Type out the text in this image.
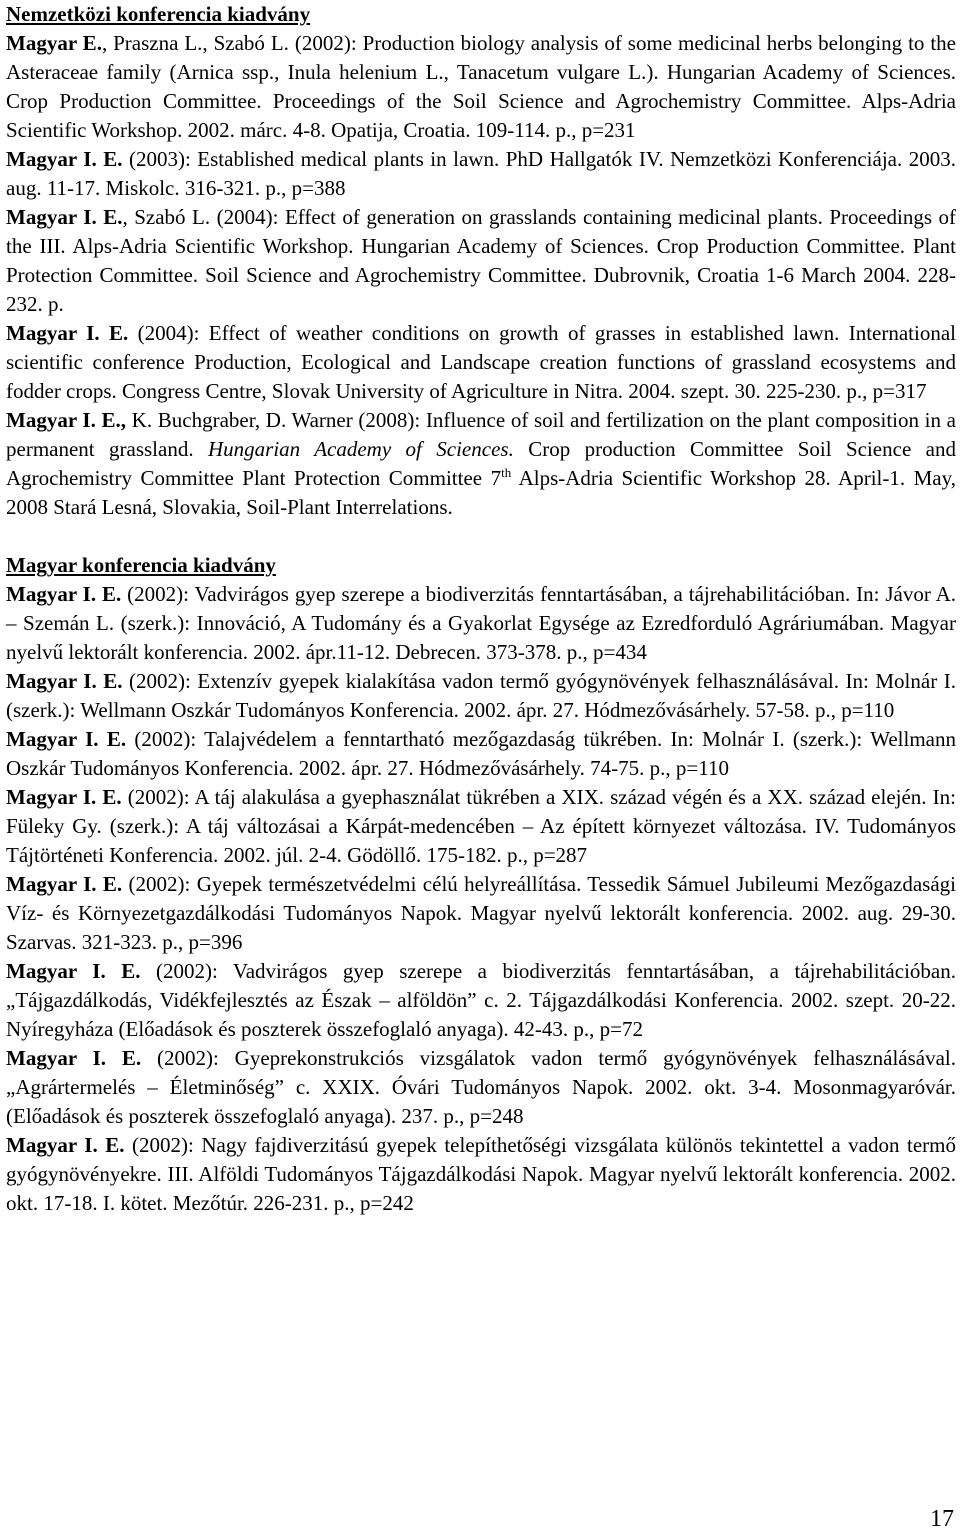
Nemzetközi konferencia kiadvány

Magyar E., Praszna L., Szabó L. (2002): Production biology analysis of some medicinal herbs belonging to the Asteraceae family (Arnica ssp., Inula helenium L., Tanacetum vulgare L.). Hungarian Academy of Sciences. Crop Production Committee. Proceedings of the Soil Science and Agrochemistry Committee. Alps-Adria Scientific Workshop. 2002. márc. 4-8. Opatija, Croatia. 109-114. p., p=231

Magyar I. E. (2003): Established medical plants in lawn. PhD Hallgatók IV. Nemzetközi Konferenciája. 2003. aug. 11-17. Miskolc. 316-321. p., p=388

Magyar I. E., Szabó L. (2004): Effect of generation on grasslands containing medicinal plants. Proceedings of the III. Alps-Adria Scientific Workshop. Hungarian Academy of Sciences. Crop Production Committee. Plant Protection Committee. Soil Science and Agrochemistry Committee. Dubrovnik, Croatia 1-6 March 2004. 228-232. p.

Magyar I. E. (2004): Effect of weather conditions on growth of grasses in established lawn. International scientific conference Production, Ecological and Landscape creation functions of grassland ecosystems and fodder crops. Congress Centre, Slovak University of Agriculture in Nitra. 2004. szept. 30. 225-230. p., p=317

Magyar I. E., K. Buchgraber, D. Warner (2008): Influence of soil and fertilization on the plant composition in a permanent grassland. Hungarian Academy of Sciences. Crop production Committee Soil Science and Agrochemistry Committee Plant Protection Committee 7th Alps-Adria Scientific Workshop 28. April-1. May, 2008 Stará Lesná, Slovakia, Soil-Plant Interrelations.

Magyar konferencia kiadvány

Magyar I. E. (2002): Vadvirágos gyep szerepe a biodiverzitás fenntartásában, a tájrehabilitációban. In: Jávor A. – Szemán L. (szerk.): Innováció, A Tudomány és a Gyakorlat Egysége az Ezredforduló Agráriumában. Magyar nyelvű lektorált konferencia. 2002. ápr.11-12. Debrecen. 373-378. p., p=434

Magyar I. E. (2002): Extenzív gyepek kialakítása vadon termő gyógynövények felhasználásával. In: Molnár I. (szerk.): Wellmann Oszkár Tudományos Konferencia. 2002. ápr. 27. Hódmezővásárhely. 57-58. p., p=110

Magyar I. E. (2002): Talajvédelem a fenntartható mezőgazdaság tükrében. In: Molnár I. (szerk.): Wellmann Oszkár Tudományos Konferencia. 2002. ápr. 27. Hódmezővásárhely. 74-75. p., p=110

Magyar I. E. (2002): A táj alakulása a gyephasználat tükrében a XIX. század végén és a XX. század elején. In: Füleky Gy. (szerk.): A táj változásai a Kárpát-medencében – Az épített környezet változása. IV. Tudományos Tájtörténeti Konferencia. 2002. júl. 2-4. Gödöllő. 175-182. p., p=287

Magyar I. E. (2002): Gyepek természetvédelmi célú helyreállítása. Tessedik Sámuel Jubileumi Mezőgazdasági Víz- és Környezetgazdálkodási Tudományos Napok. Magyar nyelvű lektorált konferencia. 2002. aug. 29-30. Szarvas. 321-323. p., p=396

Magyar I. E. (2002): Vadvirágos gyep szerepe a biodiverzitás fenntartásában, a tájrehabilitációban. „Tájgazdálkodás, Vidékfejlesztés az Észak – alföldön” c. 2. Tájgazdálkodási Konferencia. 2002. szept. 20-22. Nyíregyháza (Előadások és poszterek összefoglaló anyaga). 42-43. p., p=72

Magyar I. E. (2002): Gyeprekonstrukciós vizsgálatok vadon termő gyógynövények felhasználásával. „Agrártermelés – Életminőség” c. XXIX. Óvári Tudományos Napok. 2002. okt. 3-4. Mosonmagyaróvár. (Előadások és poszterek összefoglaló anyaga). 237. p., p=248

Magyar I. E. (2002): Nagy fajdiverzitású gyepek telepíthetőségi vizsgálata különös tekintettel a vadon termő gyógynövényekre. III. Alföldi Tudományos Tájgazdálkodási Napok. Magyar nyelvű lektorált konferencia. 2002. okt. 17-18. I. kötet. Mezőtúr. 226-231. p., p=242

17
